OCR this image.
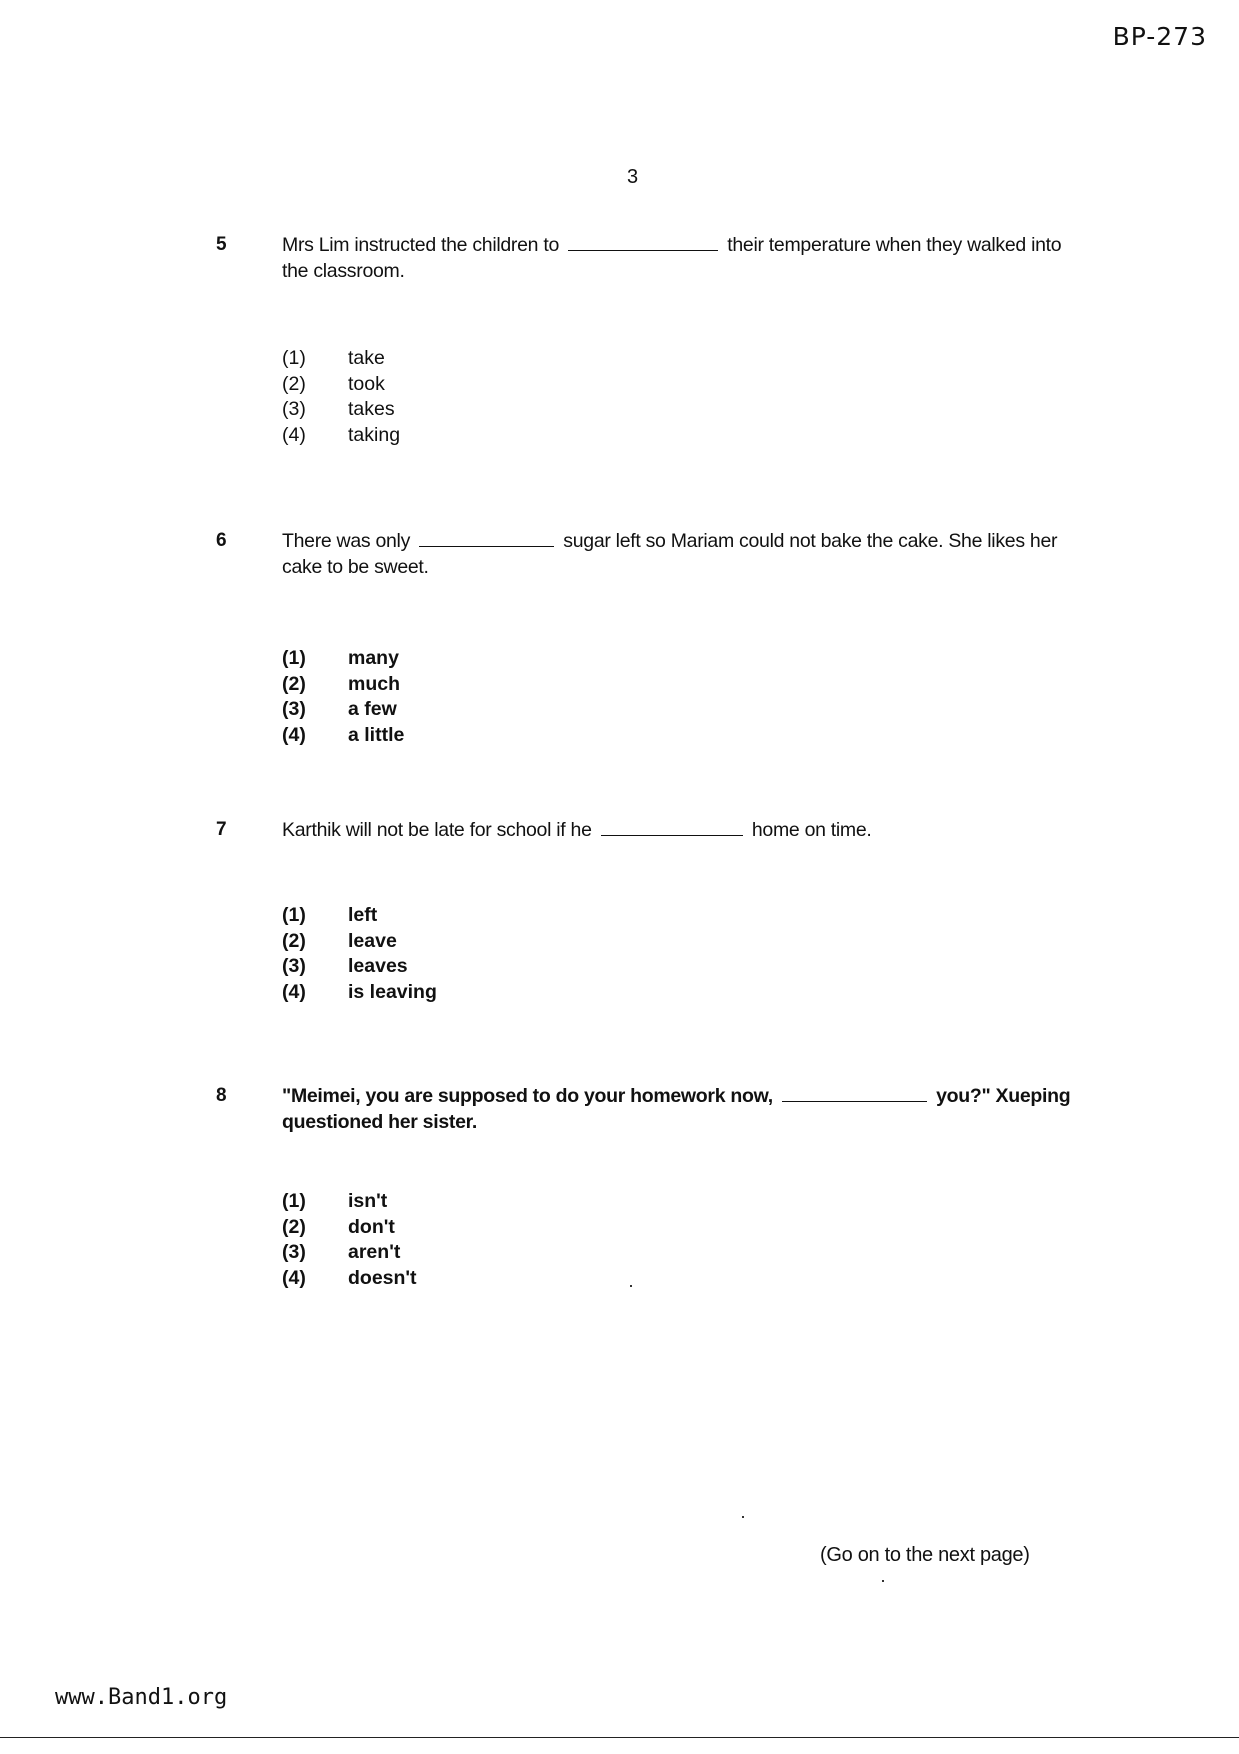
BP-273
3
5	Mrs Lim instructed the children to	their temperature when they walked into the classroom.
(1) take
(2) took
(3) takes
(4) taking
6	There was only	sugar left so Mariam could not bake the cake. She likes her cake to be sweet.
(1) many
(2) much
(3) a few
(4) a little
7	Karthik will not be late for school if he	home on time.
(1) left
(2) leave
(3) leaves
(4) is leaving
8	"Meimei, you are supposed to do your homework now,	you?" Xueping questioned her sister.
(1) isn't
(2) don't
(3) aren't
(4) doesn't
(Go on to the next page)
www.Band1.org
